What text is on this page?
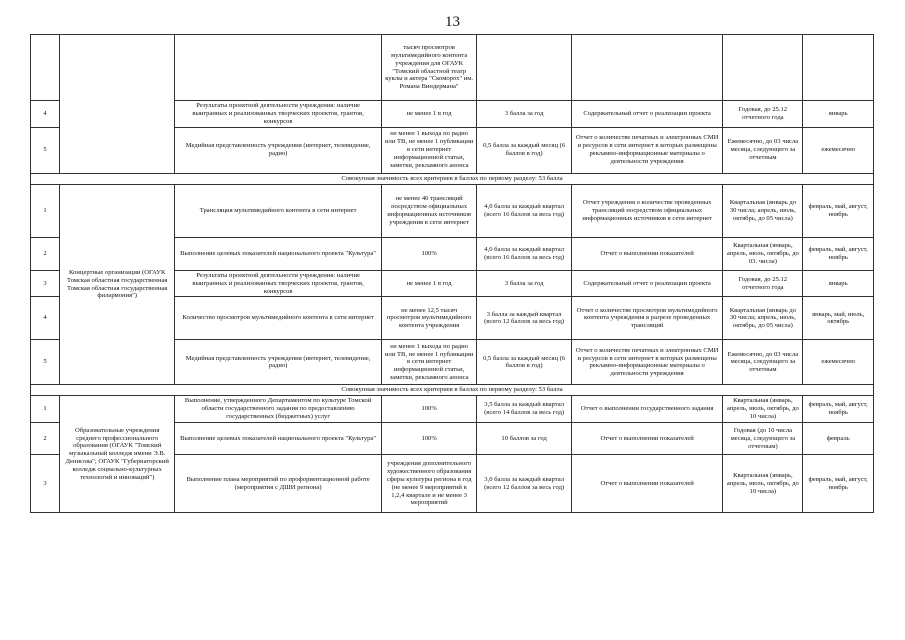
13
			тысяч просмотров мультимедийного контента учреждения для ОГАУК "Томский областной театр куклы и актера "Скоморох" им. Романа Виндермана"				
4		Результаты проектной деятельности учреждения: наличие выигранных и реализованных творческих проектов, грантов, конкурсов	не менее 1 в год	3 балла за год	Содержательный отчет о реализации проекта	Годовая, до 25.12 отчетного года	январь
5		Медийная представленность учреждения (интернет, телевидение, радио)	не менее 1 выхода по радио или ТВ, не менее 1 публикации в сети интернет информационной статьи, заметки, рекламного анонса	0,5 балла за каждый месяц (6 баллов в год)	Отчет о количестве печатных и электронных СМИ и ресурсов в сети интернет в которых размещены рекламно-информационные материалы о деятельности учреждения	Ежемесячно, до 03 числа месяца, следующего за отчетным	ежемесячно
Совокупная значимость всех критериев в баллах по первому разделу: 53 балла							
1	Концертные организации (ОГАУК Томская областная государственная Томская областная государственная филармония")	Трансляция мультимедийного контента в сети интернет	не менее 40 трансляций посредством официальных информационных источников учреждения в сети интернет	4,0 балла за каждый квартал (всего 16 баллов за весь год)	Отчет учреждения о количестве проведенных трансляций посредством официальных информационных источников в сети интернет	Квартальная (январь до 30 числа; апрель, июль, октябрь, до 05 числа)	февраль, май, август, ноябрь
2		Выполнение целевых показателей национального проекта "Культура"	100%	4,0 балла за каждый квартал (всего 16 баллов за весь год)	Отчет о выполнении показателей	Квартальная (январь, апрель, июль, октябрь, до 03. числа)	февраль, май, август, ноябрь
3		Результаты проектной деятельности учреждения: наличие выигранных и реализованных творческих проектов, грантов, конкурсов	не менее 1 в год	3 балла за год	Содержательный отчет о реализации проекта	Годовая, до 25.12 отчетного года	январь
4		Количество просмотров мультимедийного контента в сети интернет	не менее 12,5 тысяч просмотров мультимедийного контента учреждения	3 балла за каждый квартал (всего 12 баллов за весь год)	Отчет о количестве просмотров мультимедийного контента учреждения в разрезе проведенных трансляций	Квартальная (январь до 30 числа; апрель, июль, октябрь, до 05 числа)	январь, май, июль, октябрь
5		Медийная представленность учреждения (интернет, телевидение, радио)	не менее 1 выхода по радио или ТВ, не менее 1 публикации в сети интернет информационной статьи, заметки, рекламного анонса	0,5 балла за каждый месяц (6 баллов в год)	Отчет о количестве печатных и электронных СМИ и ресурсов в сети интернет в которых размещены рекламно-информационные материалы о деятельности учреждения	Ежемесячно, до 03 числа месяца, следующего за отчетным	ежемесячно
Совокупная значимость всех критериев в баллах по первому разделу: 53 балла							
1	Образовательные учреждения среднего профессионального образования (ОГАУК "Томский музыкальный колледж имени Э.В. Денисова"; ОГАУК "Губернаторский колледж социально-культурных технологий и инноваций")	Выполнение, утвержденного Департаментом по культуре Томской области государственного задания по предоставлению государственных (бюджетных) услуг	100%	3,5 балла за каждый квартал (всего 14 баллов за весь год)	Отчет о выполнении государственного задания	Квартальная (январь, апрель, июль, октябрь, до 10 числа)	февраль, май, август, ноябрь
2		Выполнение целевых показателей национального проекта "Культура"	100%	10 баллов за год	Отчет о выполнении показателей	Годовая (до 10 числа месяца, следующего за отчетным)	февраль
3		Выполнение плана мероприятий по профориентационной работе (мероприятия с ДШИ региона)	учреждения дополнительного художественного образования сферы культуры региона в год (не менее 9 мероприятий в 1,2,4 квартале и не менее 3 мероприятий	3,0 балла за каждый квартал (всего 12 баллов за весь год)	Отчет о выполнении показателей	Квартальная (январь, апрель, июль, октябрь, до 10 числа)	февраль, май, август, ноябрь
